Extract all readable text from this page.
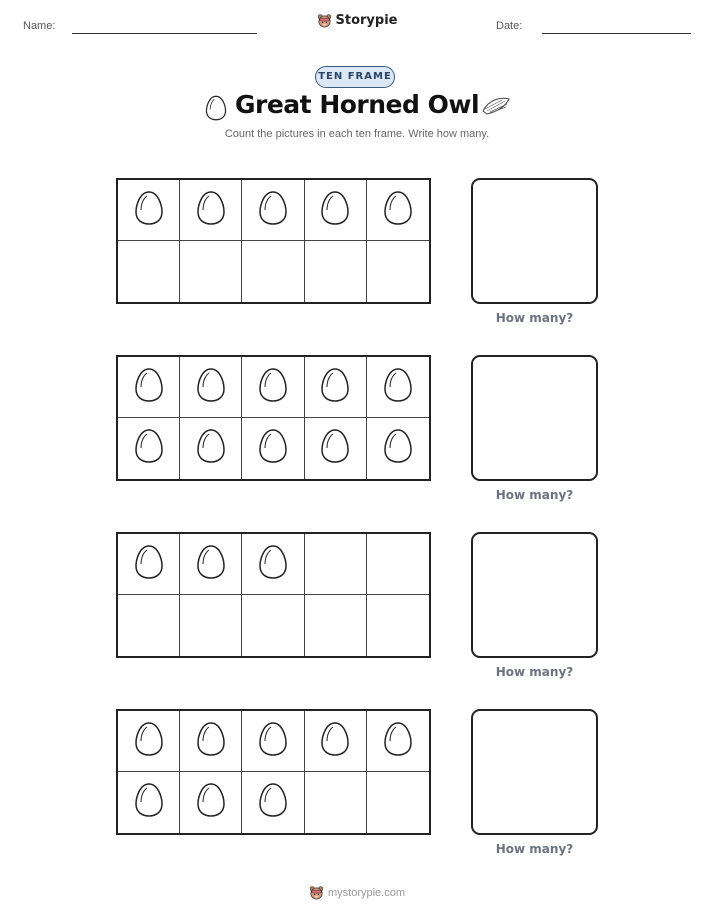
Name:	Storypie	Date:
TEN FRAME
Great Horned Owl
Count the pictures in each ten frame. Write how many.
How many?
How many?
How many?
How many?
mystorypie.com
